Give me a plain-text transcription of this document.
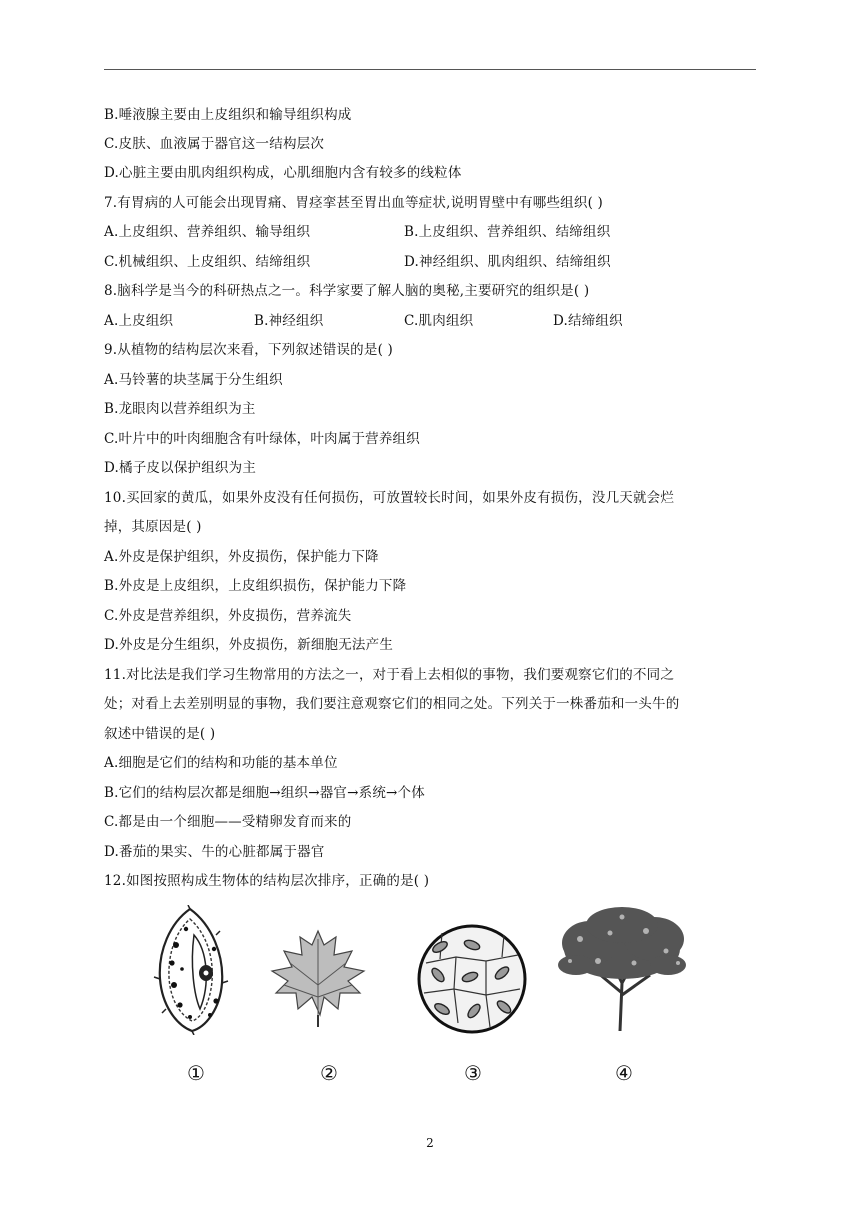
B.唾液腺主要由上皮组织和输导组织构成
C.皮肤、血液属于器官这一结构层次
D.心脏主要由肌肉组织构成，心肌细胞内含有较多的线粒体
7.有胃病的人可能会出现胃痛、胃痉挛甚至胃出血等症状,说明胃壁中有哪些组织( )
A.上皮组织、营养组织、输导组织	B.上皮组织、营养组织、结缔组织
C.机械组织、上皮组织、结缔组织	D.神经组织、肌肉组织、结缔组织
8.脑科学是当今的科研热点之一。科学家要了解人脑的奥秘,主要研究的组织是( )
A.上皮组织	B.神经组织	C.肌肉组织	D.结缔组织
9.从植物的结构层次来看，下列叙述错误的是( )
A.马铃薯的块茎属于分生组织
B.龙眼肉以营养组织为主
C.叶片中的叶肉细胞含有叶绿体，叶肉属于营养组织
D.橘子皮以保护组织为主
10.买回家的黄瓜，如果外皮没有任何损伤，可放置较长时间，如果外皮有损伤，没几天就会烂
掉，其原因是( )
A.外皮是保护组织，外皮损伤，保护能力下降
B.外皮是上皮组织，上皮组织损伤，保护能力下降
C.外皮是营养组织，外皮损伤，营养流失
D.外皮是分生组织，外皮损伤，新细胞无法产生
11.对比法是我们学习生物常用的方法之一，对于看上去相似的事物，我们要观察它们的不同之
处；对看上去差别明显的事物，我们要注意观察它们的相同之处。下列关于一株番茄和一头牛的
叙述中错误的是( )
A.细胞是它们的结构和功能的基本单位
B.它们的结构层次都是细胞→组织→器官→系统→个体
C.都是由一个细胞——受精卵发育而来的
D.番茄的果实、牛的心脏都属于器官
12.如图按照构成生物体的结构层次排序，正确的是( )
①	②	③	④
2
